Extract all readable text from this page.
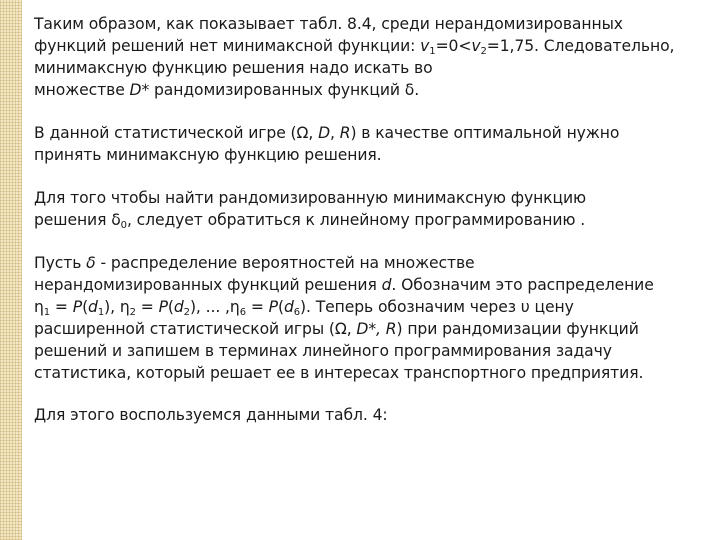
Таким образом, как показывает табл. 8.4, среди нерандомизированных
функций решений нет минимаксной функции: $v_1=0<v_2=1,75$. Следовательно,
минимаксную функцию решения надо искать во
множестве D* рандомизированных функций δ.
В данной статистической игре (Ω, D, R) в качестве оптимальной нужно
принять минимаксную функцию решения.
Для того чтобы найти рандомизированную минимаксную функцию
решения $\delta_0$, следует обратиться к линейному программированию .
Пусть δ - распределение вероятностей на множестве
нерандомизированных функций решения d. Обозначим это распределение
$\eta_1 = P(d_1)$, $\eta_2 = P(d_2)$, ... $,\eta_6 = P(d_6)$. Теперь обозначим через υ цену
расширенной статистической игры (Ω, D*, R) при рандомизации функций
решений и запишем в терминах линейного программирования задачу
статистика, который решает ее в интересах транспортного предприятия.
Для этого воспользуемся данными табл. 4:
